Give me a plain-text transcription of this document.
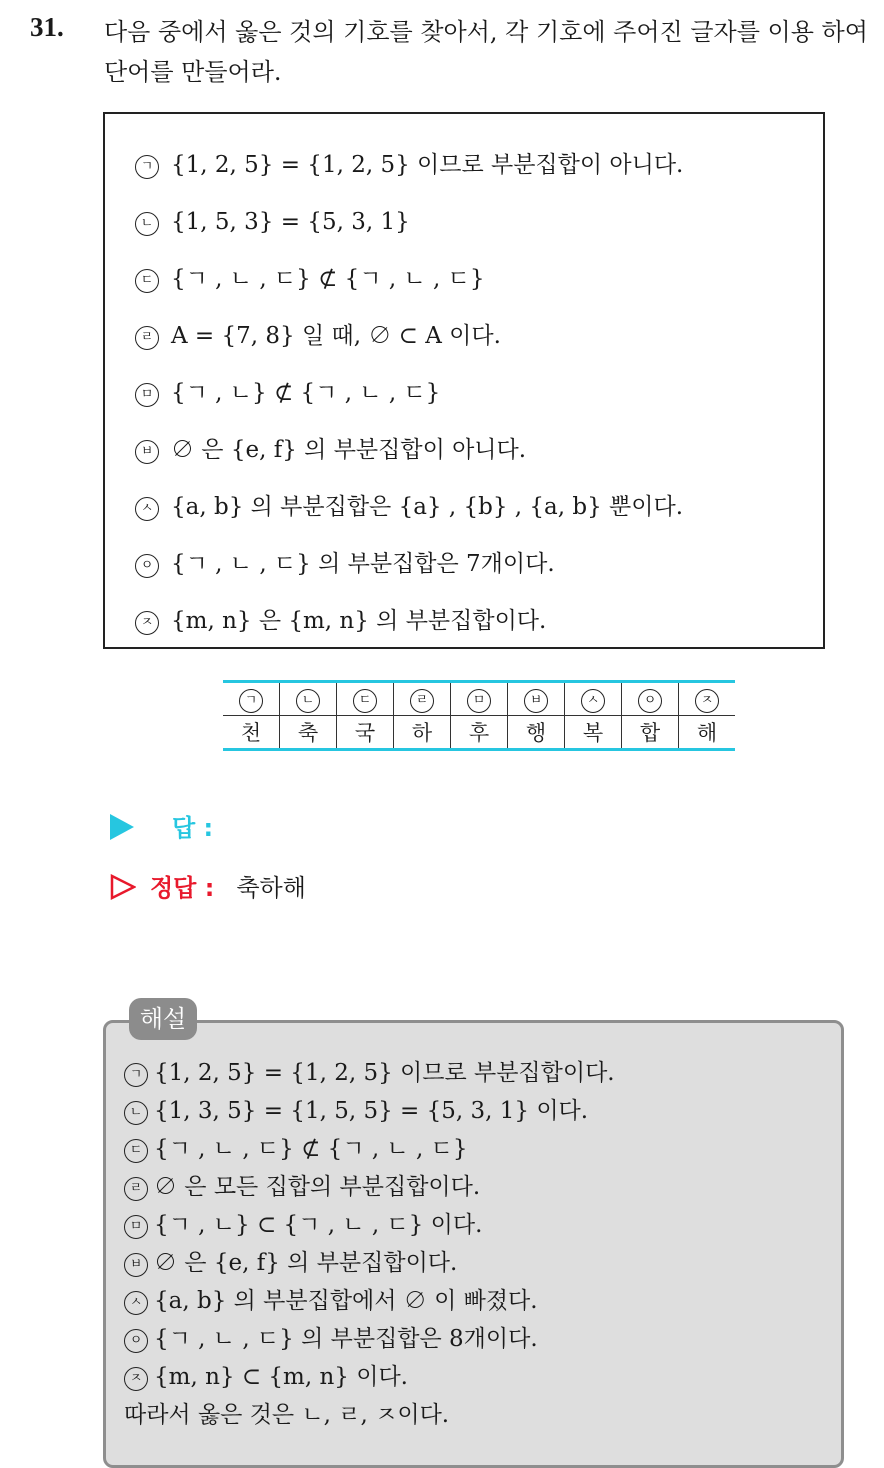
31. 다음 중에서 옳은 것의 기호를 찾아서, 각 기호에 주어진 글자를 이용 하여 단어를 만들어라.
ㄱ {1, 2, 5} = {1, 2, 5} 이므로 부분집합이 아니다.
ㄴ {1, 5, 3} = {5, 3, 1}
ㄷ {ㄱ , ㄴ , ㄷ} ⊄ {ㄱ , ㄴ , ㄷ}
ㄹ A = {7, 8} 일 때, ∅ ⊂ A 이다.
ㅁ {ㄱ , ㄴ} ⊄ {ㄱ , ㄴ , ㄷ}
ㅂ ∅ 은 {e, f} 의 부분집합이 아니다.
ㅅ {a, b} 의 부분집합은 {a} , {b} , {a, b} 뿐이다.
ㅇ {ㄱ , ㄴ , ㄷ} 의 부분집합은 7개이다.
ㅈ {m, n} 은 {m, n} 의 부분집합이다.
ㄱ	ㄴ	ㄷ	ㄹ	ㅁ	ㅂ	ㅅ	ㅇ	ㅈ
천	축	국	하	후	행	복	합	해
답 :
정답 : 축하해
해설
ㄱ {1, 2, 5} = {1, 2, 5} 이므로 부분집합이다.
ㄴ {1, 3, 5} = {1, 5, 5} = {5, 3, 1} 이다.
ㄷ {ㄱ , ㄴ , ㄷ} ⊄ {ㄱ , ㄴ , ㄷ}
ㄹ ∅ 은 모든 집합의 부분집합이다.
ㅁ {ㄱ , ㄴ} ⊂ {ㄱ , ㄴ , ㄷ} 이다.
ㅂ ∅ 은 {e, f} 의 부분집합이다.
ㅅ {a, b} 의 부분집합에서 ∅ 이 빠졌다.
ㅇ {ㄱ , ㄴ , ㄷ} 의 부분집합은 8개이다.
ㅈ {m, n} ⊂ {m, n} 이다.
따라서 옳은 것은 ㄴ, ㄹ, ㅈ이다.
